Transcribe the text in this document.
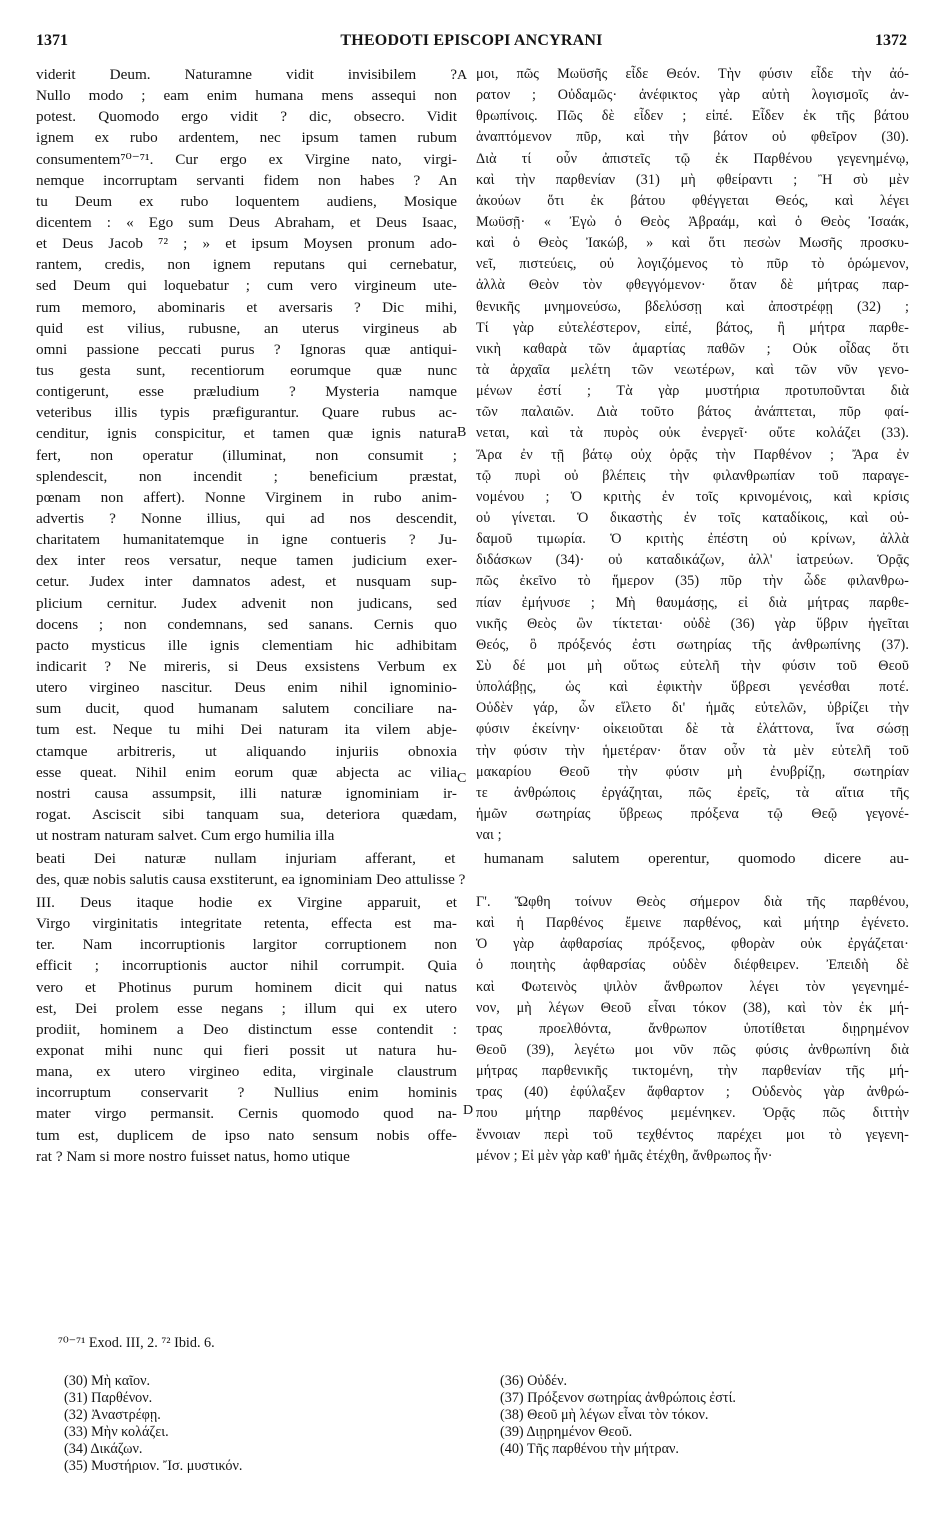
1371	THEODOTI EPISCOPI ANCYRANI	1372
viderit Deum. Naturamne vidit invisibilem ?
Nullo modo ; eam enim humana mens assequi non
potest. Quomodo ergo vidit ? dic, obsecro. Vidit
ignem ex rubo ardentem, nec ipsum tamen rubum
consumentem⁷⁰⁻⁷¹. Cur ergo ex Virgine nato, virgi-
nemque incorruptam servanti fidem non habes ? An
tu Deum ex rubo loquentem audiens, Mosique
dicentem : « Ego sum Deus Abraham, et Deus Isaac,
et Deus Jacob ⁷² ; » et ipsum Moysen pronum ado-
rantem, credis, non ignem reputans qui cernebatur,
sed Deum qui loquebatur ; cum vero virgineum ute-
rum memoro, abominaris et aversaris ? Dic mihi,
quid est vilius, rubusne, an uterus virgineus ab
omni passione peccati purus ? Ignoras quæ antiqui-
tus gesta sunt, recentiorum eorumque quæ nunc
contigerunt, esse præludium ? Mysteria namque
veteribus illis typis præfigurantur. Quare rubus ac-
cenditur, ignis conspicitur, et tamen quæ ignis natura
fert, non operatur (illuminat, non consumit ;
splendescit, non incendit ; beneficium præstat,
pœnam non affert). Nonne Virginem in rubo anim-
advertis ? Nonne illius, qui ad nos descendit,
charitatem humanitatemque in igne contueris ? Ju-
dex inter reos versatur, neque tamen judicium exer-
cetur. Judex inter damnatos adest, et nusquam sup-
plicium cernitur. Judex advenit non judicans, sed
docens ; non condemnans, sed sanans. Cernis quo
pacto mysticus ille ignis clementiam hic adhibitam
indicarit ? Ne mireris, si Deus exsistens Verbum ex
utero virgineo nascitur. Deus enim nihil ignominio-
sum ducit, quod humanam salutem conciliare na-
tum est. Neque tu mihi Dei naturam ita vilem abje-
ctamque arbitreris, ut aliquando injuriis obnoxia
esse queat. Nihil enim eorum quæ abjecta ac vilia
nostri causa assumpsit, illi naturæ ignominiam ir-
rogat. Asciscit sibi tanquam sua, deteriora quædam,
ut nostram naturam salvet. Cum ergo humilia illa
μοι, πῶς Μωϋσῆς εἶδε Θεόν. Τὴν φύσιν εἶδε τὴν ἀό-
ρατον ; Οὐδαμῶς· ἀνέφικτος γὰρ αὐτὴ λογισμοῖς ἀν-
θρωπίνοις. Πῶς δὲ εἶδεν ; εἰπέ. Εἶδεν ἐκ τῆς βάτου
ἀναπτόμενον πῦρ, καὶ τὴν βάτον οὐ φθεῖρον (30).
Διὰ τί οὖν ἀπιστεῖς τῷ ἐκ Παρθένου γεγενημένῳ,
καὶ τὴν παρθενίαν (31) μὴ φθείραντι ; Ἢ σὺ μὲν
ἀκούων ὅτι ἐκ βάτου φθέγγεται Θεός, καὶ λέγει
Μωϋσῇ· « Ἐγὼ ὁ Θεὸς Ἀβραάμ, καὶ ὁ Θεὸς Ἰσαάκ,
καὶ ὁ Θεὸς Ἰακώβ, » καὶ ὅτι πεσὼν Μωσῆς προσκυ-
νεῖ, πιστεύεις, οὐ λογιζόμενος τὸ πῦρ τὸ ὁρώμενον,
ἀλλὰ Θεὸν τὸν φθεγγόμενον· ὅταν δὲ μήτρας παρ-
θενικῆς μνημονεύσω, βδελύσσῃ καὶ ἀποστρέφῃ (32) ;
Τί γὰρ εὐτελέστερον, εἰπέ, βάτος, ἢ μήτρα παρθε-
νικὴ καθαρὰ τῶν ἁμαρτίας παθῶν ; Οὐκ οἶδας ὅτι
τὰ ἀρχαῖα μελέτη τῶν νεωτέρων, καὶ τῶν νῦν γενο-
μένων ἐστί ; Τὰ γὰρ μυστήρια προτυποῦνται διὰ
τῶν παλαιῶν. Διὰ τοῦτο βάτος ἀνάπτεται, πῦρ φαί-
νεται, καὶ τὰ πυρὸς οὐκ ἐνεργεῖ· οὔτε κολάζει (33).
Ἄρα ἐν τῇ βάτῳ οὐχ ὁρᾷς τὴν Παρθένον ; Ἄρα ἐν
τῷ πυρὶ οὐ βλέπεις τὴν φιλανθρωπίαν τοῦ παραγε-
νομένου ; Ὁ κριτὴς ἐν τοῖς κρινομένοις, καὶ κρίσις
οὐ γίνεται. Ὁ δικαστὴς ἐν τοῖς καταδίκοις, καὶ οὐ-
δαμοῦ τιμωρία. Ὁ κριτὴς ἐπέστη οὐ κρίνων, ἀλλὰ
διδάσκων (34)· οὐ καταδικάζων, ἀλλ' ἰατρεύων. Ὁρᾷς
πῶς ἐκεῖνο τὸ ἥμερον (35) πῦρ τὴν ὧδε φιλανθρω-
πίαν ἐμήνυσε ; Μὴ θαυμάσῃς, εἰ διὰ μήτρας παρθε-
νικῆς Θεὸς ὢν τίκτεται· οὐδὲ (36) γὰρ ὕβριν ἡγεῖται
Θεός, ὃ πρόξενός ἐστι σωτηρίας τῆς ἀνθρωπίνης (37).
Σὺ δέ μοι μὴ οὕτως εὐτελῆ τὴν φύσιν τοῦ Θεοῦ
ὑπολάβῃς, ὡς καὶ ἐφικτὴν ὕβρεσι γενέσθαι ποτέ.
Οὐδὲν γάρ, ὧν εἵλετο δι' ἡμᾶς εὐτελῶν, ὑβρίζει τὴν
φύσιν ἐκείνην· οἰκειοῦται δὲ τὰ ἐλάττονα, ἵνα σώσῃ
τὴν φύσιν τὴν ἡμετέραν· ὅταν οὖν τὰ μὲν εὐτελῆ τοῦ
μακαρίου Θεοῦ τὴν φύσιν μὴ ἐνυβρίζῃ, σωτηρίαν
τε ἀνθρώποις ἐργάζηται, πῶς ἐρεῖς, τὰ αἴτια τῆς
ἡμῶν σωτηρίας ὕβρεως πρόξενα τῷ Θεῷ γεγονέ-
ναι ;
A
B
C
D
beati Dei naturæ nullam injuriam afferant, et humanam salutem operentur, quomodo dicere au-
des, quæ nobis salutis causa exstiterunt, ea ignominiam Deo attulisse ?
III. Deus itaque hodie ex Virgine apparuit, et
Virgo virginitatis integritate retenta, effecta est ma-
ter. Nam incorruptionis largitor corruptionem non
efficit ; incorruptionis auctor nihil corrumpit. Quia
vero et Photinus purum hominem dicit qui natus
est, Dei prolem esse negans ; illum qui ex utero
prodiit, hominem a Deo distinctum esse contendit :
exponat mihi nunc qui fieri possit ut natura hu-
mana, ex utero virgineo edita, virginale claustrum
incorruptum conservarit ? Nullius enim hominis
mater virgo permansit. Cernis quomodo quod na-
tum est, duplicem de ipso nato sensum nobis offe-
rat ? Nam si more nostro fuisset natus, homo utique
Γ'. Ὤφθη τοίνυν Θεὸς σήμερον διὰ τῆς παρθένου,
καὶ ἡ Παρθένος ἔμεινε παρθένος, καὶ μήτηρ ἐγένετο.
Ὁ γὰρ ἀφθαρσίας πρόξενος, φθορὰν οὐκ ἐργάζεται·
ὁ ποιητὴς ἀφθαρσίας οὐδὲν διέφθειρεν. Ἐπειδὴ δὲ
καὶ Φωτεινὸς ψιλὸν ἄνθρωπον λέγει τὸν γεγενημέ-
νον, μὴ λέγων Θεοῦ εἶναι τόκον (38), καὶ τὸν ἐκ μή-
τρας προελθόντα, ἄνθρωπον ὑποτίθεται διῃρημένον
Θεοῦ (39), λεγέτω μοι νῦν πῶς φύσις ἀνθρωπίνη διὰ
μήτρας παρθενικῆς τικτομένη, τὴν παρθενίαν τῆς μή-
τρας (40) ἐφύλαξεν ἄφθαρτον ; Οὐδενὸς γὰρ ἀνθρώ-
που μήτηρ παρθένος μεμένηκεν. Ὁρᾷς πῶς διττὴν
ἔννοιαν περὶ τοῦ τεχθέντος παρέχει μοι τὸ γεγενη-
μένον ; Εἰ μὲν γὰρ καθ' ἡμᾶς ἐτέχθη, ἄνθρωπος ἦν·
⁷⁰⁻⁷¹ Exod. III, 2. ⁷² Ibid. 6.
(30) Μὴ καῖον.
(31) Παρθένον.
(32) Ἀναστρέφῃ.
(33) Μὴν κολάζει.
(34) Δικάζων.
(35) Μυστήριον. Ἴσ. μυστικόν.
(36) Οὐδέν.
(37) Πρόξενον σωτηρίας ἀνθρώποις ἐστί.
(38) Θεοῦ μὴ λέγων εἶναι τὸν τόκον.
(39) Διῃρημένον Θεοῦ.
(40) Τῆς παρθένου τὴν μήτραν.
